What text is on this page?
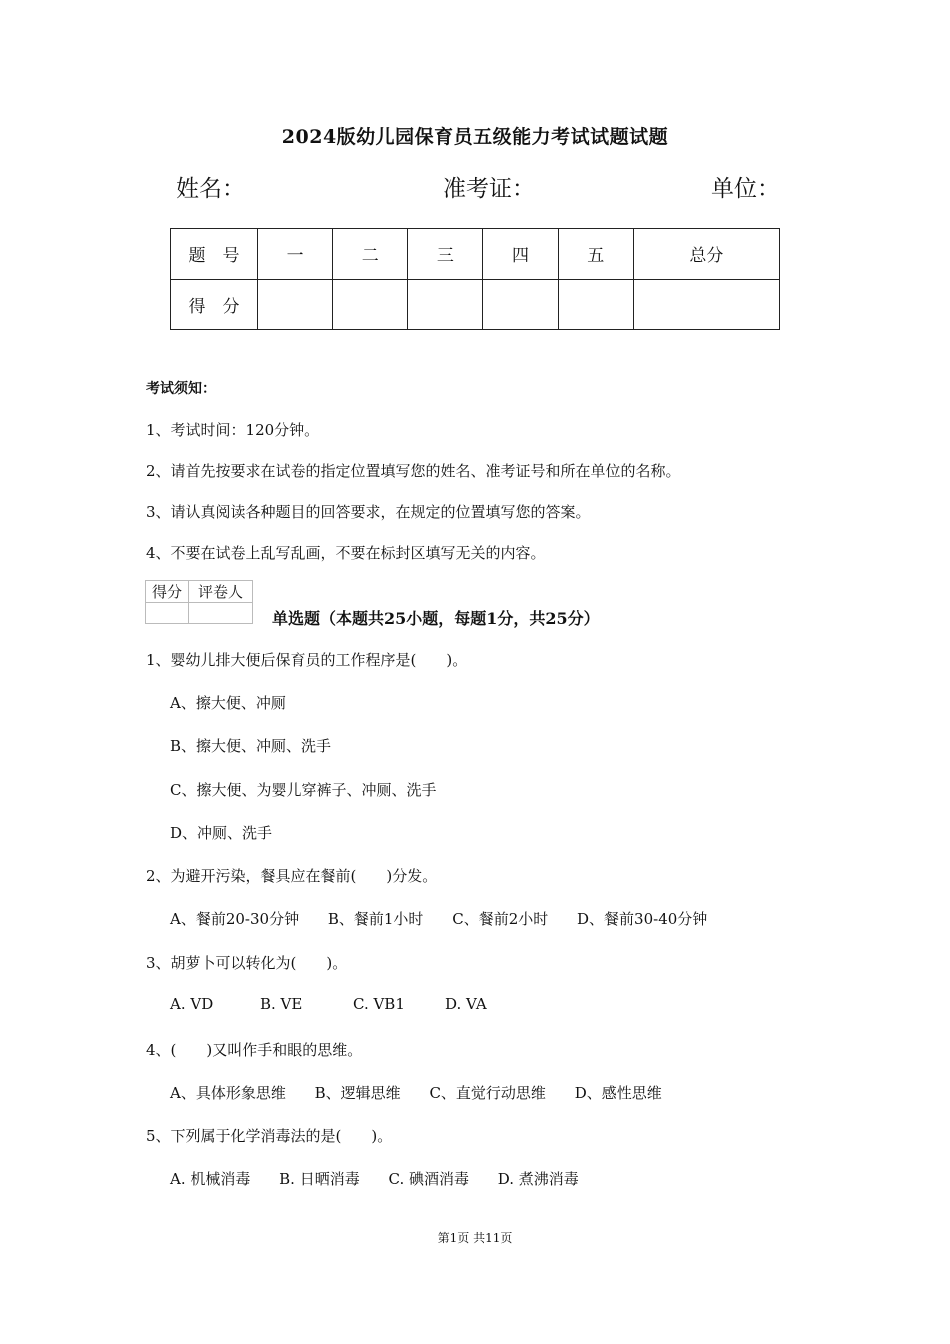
2024版幼儿园保育员五级能力考试试题试题
姓名：	准考证：	单位：
题　号	一	二	三	四	五	总分
得　分						
考试须知：
1、考试时间：120分钟。
2、请首先按要求在试卷的指定位置填写您的姓名、准考证号和所在单位的名称。
3、请认真阅读各种题目的回答要求，在规定的位置填写您的答案。
4、不要在试卷上乱写乱画，不要在标封区填写无关的内容。
得分	评卷人

单选题（本题共25小题，每题1分，共25分）
1、婴幼儿排大便后保育员的工作程序是(　　)。
A、擦大便、冲厕
B、擦大便、冲厕、洗手
C、擦大便、为婴儿穿裤子、冲厕、洗手
D、冲厕、洗手
2、为避开污染，餐具应在餐前(　　)分发。
A、餐前20-30分钟 B、餐前1小时 C、餐前2小时 D、餐前30-40分钟
3、胡萝卜可以转化为(　　)。
A. VD	B. VE	C. VB1	D. VA
4、(　　)又叫作手和眼的思维。
A、具体形象思维 B、逻辑思维 C、直觉行动思维 D、感性思维
5、下列属于化学消毒法的是(　　)。
A. 机械消毒 B. 日晒消毒 C. 碘酒消毒 D. 煮沸消毒
第1页 共11页
